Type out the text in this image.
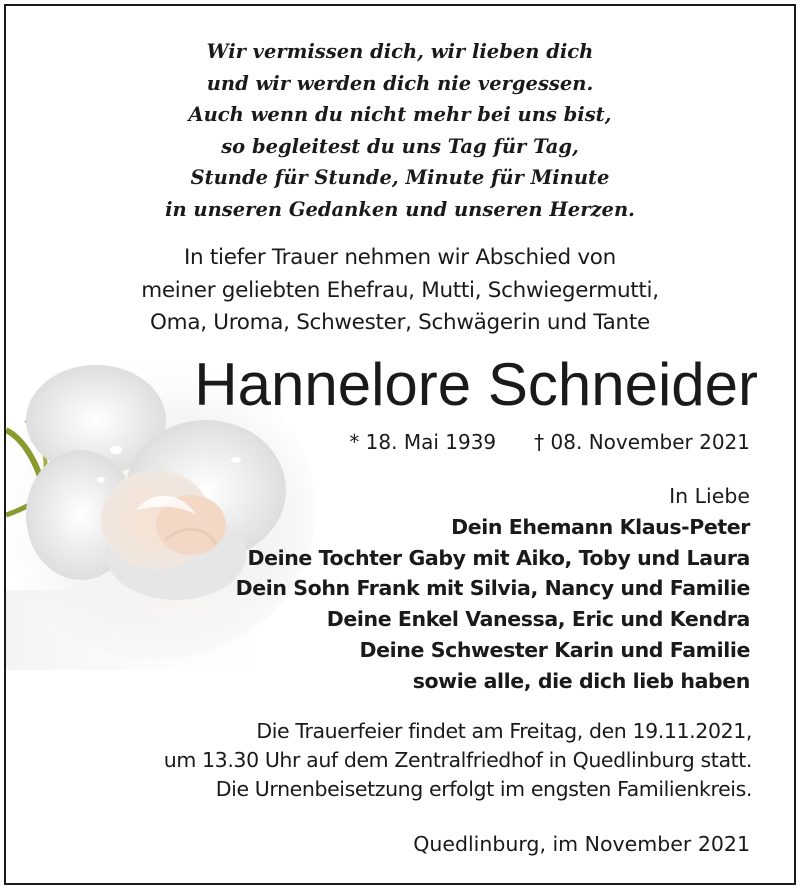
Wir vermissen dich, wir lieben dich
und wir werden dich nie vergessen.
Auch wenn du nicht mehr bei uns bist,
so begleitest du uns Tag für Tag,
Stunde für Stunde, Minute für Minute
in unseren Gedanken und unseren Herzen.
In tiefer Trauer nehmen wir Abschied von
meiner geliebten Ehefrau, Mutti, Schwiegermutti,
Oma, Uroma, Schwester, Schwägerin und Tante
Hannelore Schneider
* 18. Mai 1939 † 08. November 2021
In Liebe
Dein Ehemann Klaus-Peter
Deine Tochter Gaby mit Aiko, Toby und Laura
Dein Sohn Frank mit Silvia, Nancy und Familie
Deine Enkel Vanessa, Eric und Kendra
Deine Schwester Karin und Familie
sowie alle, die dich lieb haben
Die Trauerfeier findet am Freitag, den 19.11.2021,
um 13.30 Uhr auf dem Zentralfriedhof in Quedlinburg statt.
Die Urnenbeisetzung erfolgt im engsten Familienkreis.
Quedlinburg, im November 2021
